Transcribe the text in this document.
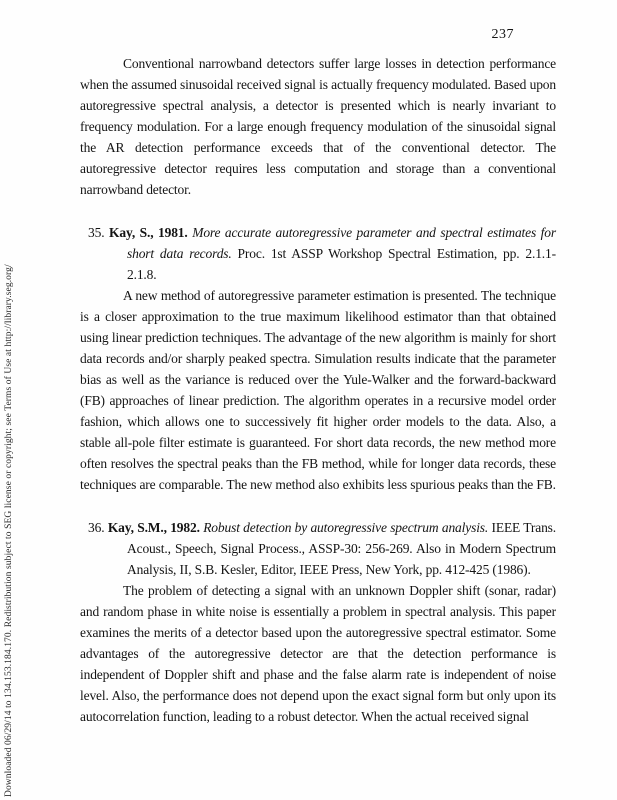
Downloaded 06/29/14 to 134.153.184.170. Redistribution subject to SEG license or copyright; see Terms of Use at http://library.seg.org/
237

Conventional narrowband detectors suffer large losses in detection performance when the assumed sinusoidal received signal is actually frequency modulated. Based upon autoregressive spectral analysis, a detector is presented which is nearly invariant to frequency modulation. For a large enough frequency modulation of the sinusoidal signal the AR detection performance exceeds that of the conventional detector. The autoregressive detector requires less computation and storage than a conventional narrowband detector.

35. Kay, S., 1981. More accurate autoregressive parameter and spectral estimates for short data records. Proc. 1st ASSP Workshop Spectral Estimation, pp. 2.1.1-2.1.8.

A new method of autoregressive parameter estimation is presented. The technique is a closer approximation to the true maximum likelihood estimator than that obtained using linear prediction techniques. The advantage of the new algorithm is mainly for short data records and/or sharply peaked spectra. Simulation results indicate that the parameter bias as well as the variance is reduced over the Yule-Walker and the forward-backward (FB) approaches of linear prediction. The algorithm operates in a recursive model order fashion, which allows one to successively fit higher order models to the data. Also, a stable all-pole filter estimate is guaranteed. For short data records, the new method more often resolves the spectral peaks than the FB method, while for longer data records, these techniques are comparable. The new method also exhibits less spurious peaks than the FB.

36. Kay, S.M., 1982. Robust detection by autoregressive spectrum analysis. IEEE Trans. Acoust., Speech, Signal Process., ASSP-30: 256-269. Also in Modern Spectrum Analysis, II, S.B. Kesler, Editor, IEEE Press, New York, pp. 412-425 (1986).

The problem of detecting a signal with an unknown Doppler shift (sonar, radar) and random phase in white noise is essentially a problem in spectral analysis. This paper examines the merits of a detector based upon the autoregressive spectral estimator. Some advantages of the autoregressive detector are that the detection performance is independent of Doppler shift and phase and the false alarm rate is independent of noise level. Also, the performance does not depend upon the exact signal form but only upon its autocorrelation function, leading to a robust detector. When the actual received signal
